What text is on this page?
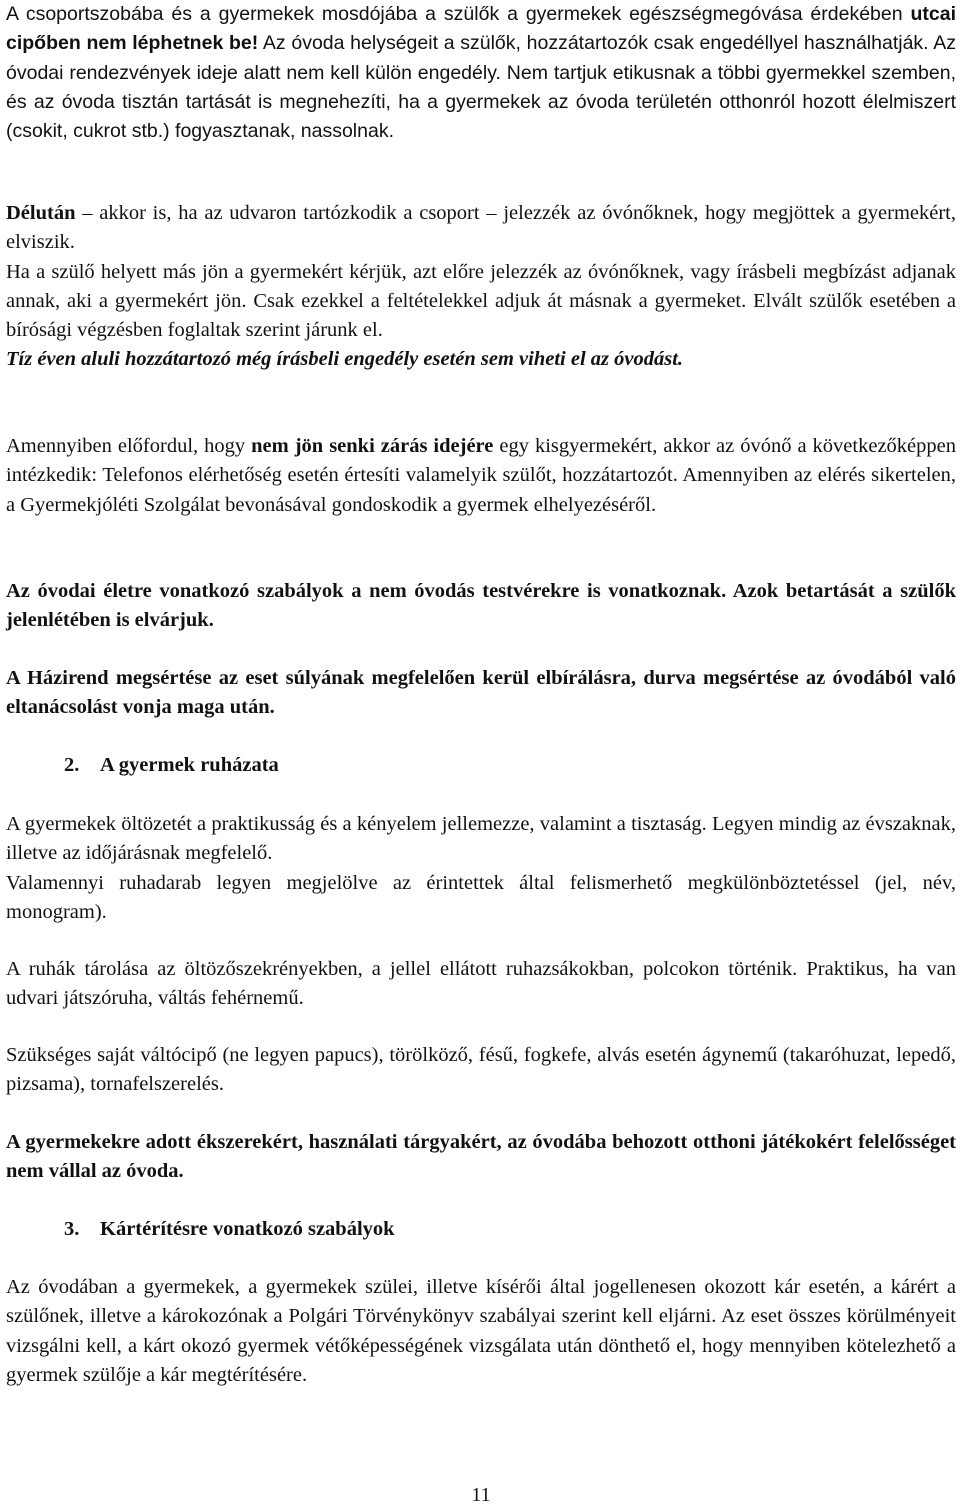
A csoportszobába és a gyermekek mosdójába a szülők a gyermekek egészségmegóvása érdekében utcai cipőben nem léphetnek be! Az óvoda helységeit a szülők, hozzátartozók csak engedéllyel használhatják. Az óvodai rendezvények ideje alatt nem kell külön engedély. Nem tartjuk etikusnak a többi gyermekkel szemben, és az óvoda tisztán tartását is megnehezíti, ha a gyermekek az óvoda területén otthonról hozott élelmiszert (csokit, cukrot stb.) fogyasztanak, nassolnak.

Délután – akkor is, ha az udvaron tartózkodik a csoport – jelezzék az óvónőknek, hogy megjöttek a gyermekért, elviszik.

Ha a szülő helyett más jön a gyermekért kérjük, azt előre jelezzék az óvónőknek, vagy írásbeli megbízást adjanak annak, aki a gyermekért jön. Csak ezekkel a feltételekkel adjuk át másnak a gyermeket. Elvált szülők esetében a bírósági végzésben foglaltak szerint járunk el.

Tíz éven aluli hozzátartozó még írásbeli engedély esetén sem viheti el az óvodást.

Amennyiben előfordul, hogy nem jön senki zárás idejére egy kisgyermekért, akkor az óvónő a következőképpen intézkedik: Telefonos elérhetőség esetén értesíti valamelyik szülőt, hozzátartozót. Amennyiben az elérés sikertelen, a Gyermekjóléti Szolgálat bevonásával gondoskodik a gyermek elhelyezéséről.

Az óvodai életre vonatkozó szabályok a nem óvodás testvérekre is vonatkoznak. Azok betartását a szülők jelenlétében is elvárjuk.

A Házirend megsértése az eset súlyának megfelelően kerül elbírálásra, durva megsértése az óvodából való eltanácsolást vonja maga után.

2. A gyermek ruházata

A gyermekek öltözetét a praktikusság és a kényelem jellemezze, valamint a tisztaság. Legyen mindig az évszaknak, illetve az időjárásnak megfelelő.

Valamennyi ruhadarab legyen megjelölve az érintettek által felismerhető megkülönböztetéssel (jel, név, monogram).

A ruhák tárolása az öltözőszekrényekben, a jellel ellátott ruhazsákokban, polcokon történik. Praktikus, ha van udvari játszóruha, váltás fehérnemű.

Szükséges saját váltócipő (ne legyen papucs), törölköző, fésű, fogkefe, alvás esetén ágynemű (takaróhuzat, lepedő, pizsama), tornafelszerelés.

A gyermekekre adott ékszerekért, használati tárgyakért, az óvodába behozott otthoni játékokért felelősséget nem vállal az óvoda.

3. Kártérítésre vonatkozó szabályok

Az óvodában a gyermekek, a gyermekek szülei, illetve kísérői által jogellenesen okozott kár esetén, a kárért a szülőnek, illetve a károkozónak a Polgári Törvénykönyv szabályai szerint kell eljárni. Az eset összes körülményeit vizsgálni kell, a kárt okozó gyermek vétőképességének vizsgálata után dönthető el, hogy mennyiben kötelezhető a gyermek szülője a kár megtérítésére.

11
